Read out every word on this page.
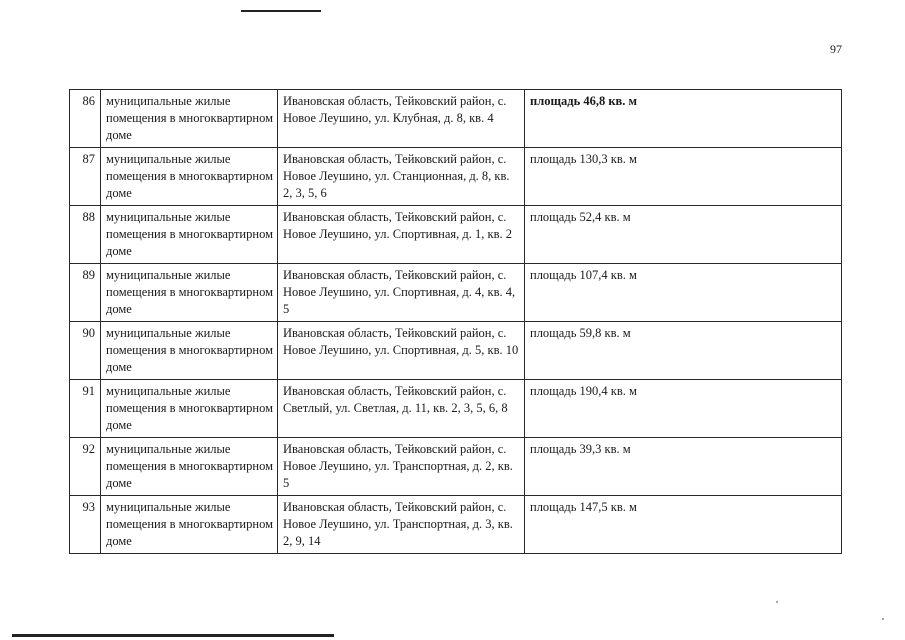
97
86	муниципальные жилые помещения в многоквартирном доме	Ивановская область, Тейковский район, с. Новое Леушино, ул. Клубная, д. 8, кв. 4	площадь 46,8 кв. м
87	муниципальные жилые помещения в многоквартирном доме	Ивановская область, Тейковский район, с. Новое Леушино, ул. Станционная, д. 8, кв. 2, 3, 5, 6	площадь 130,3 кв. м
88	муниципальные жилые помещения в многоквартирном доме	Ивановская область, Тейковский район, с. Новое Леушино, ул. Спортивная, д. 1, кв. 2	площадь 52,4 кв. м
89	муниципальные жилые помещения в многоквартирном доме	Ивановская область, Тейковский район, с. Новое Леушино, ул. Спортивная, д. 4, кв. 4, 5	площадь 107,4 кв. м
90	муниципальные жилые помещения в многоквартирном доме	Ивановская область, Тейковский район, с. Новое Леушино, ул. Спортивная, д. 5, кв. 10	площадь 59,8 кв. м
91	муниципальные жилые помещения в многоквартирном доме	Ивановская область, Тейковский район, с. Светлый, ул. Светлая, д. 11, кв. 2, 3, 5, 6, 8	площадь 190,4 кв. м
92	муниципальные жилые помещения в многоквартирном доме	Ивановская область, Тейковский район, с. Новое Леушино, ул. Транспортная, д. 2, кв. 5	площадь 39,3 кв. м
93	муниципальные жилые помещения в многоквартирном доме	Ивановская область, Тейковский район, с. Новое Леушино, ул. Транспортная, д. 3, кв. 2, 9, 14	площадь 147,5 кв. м
